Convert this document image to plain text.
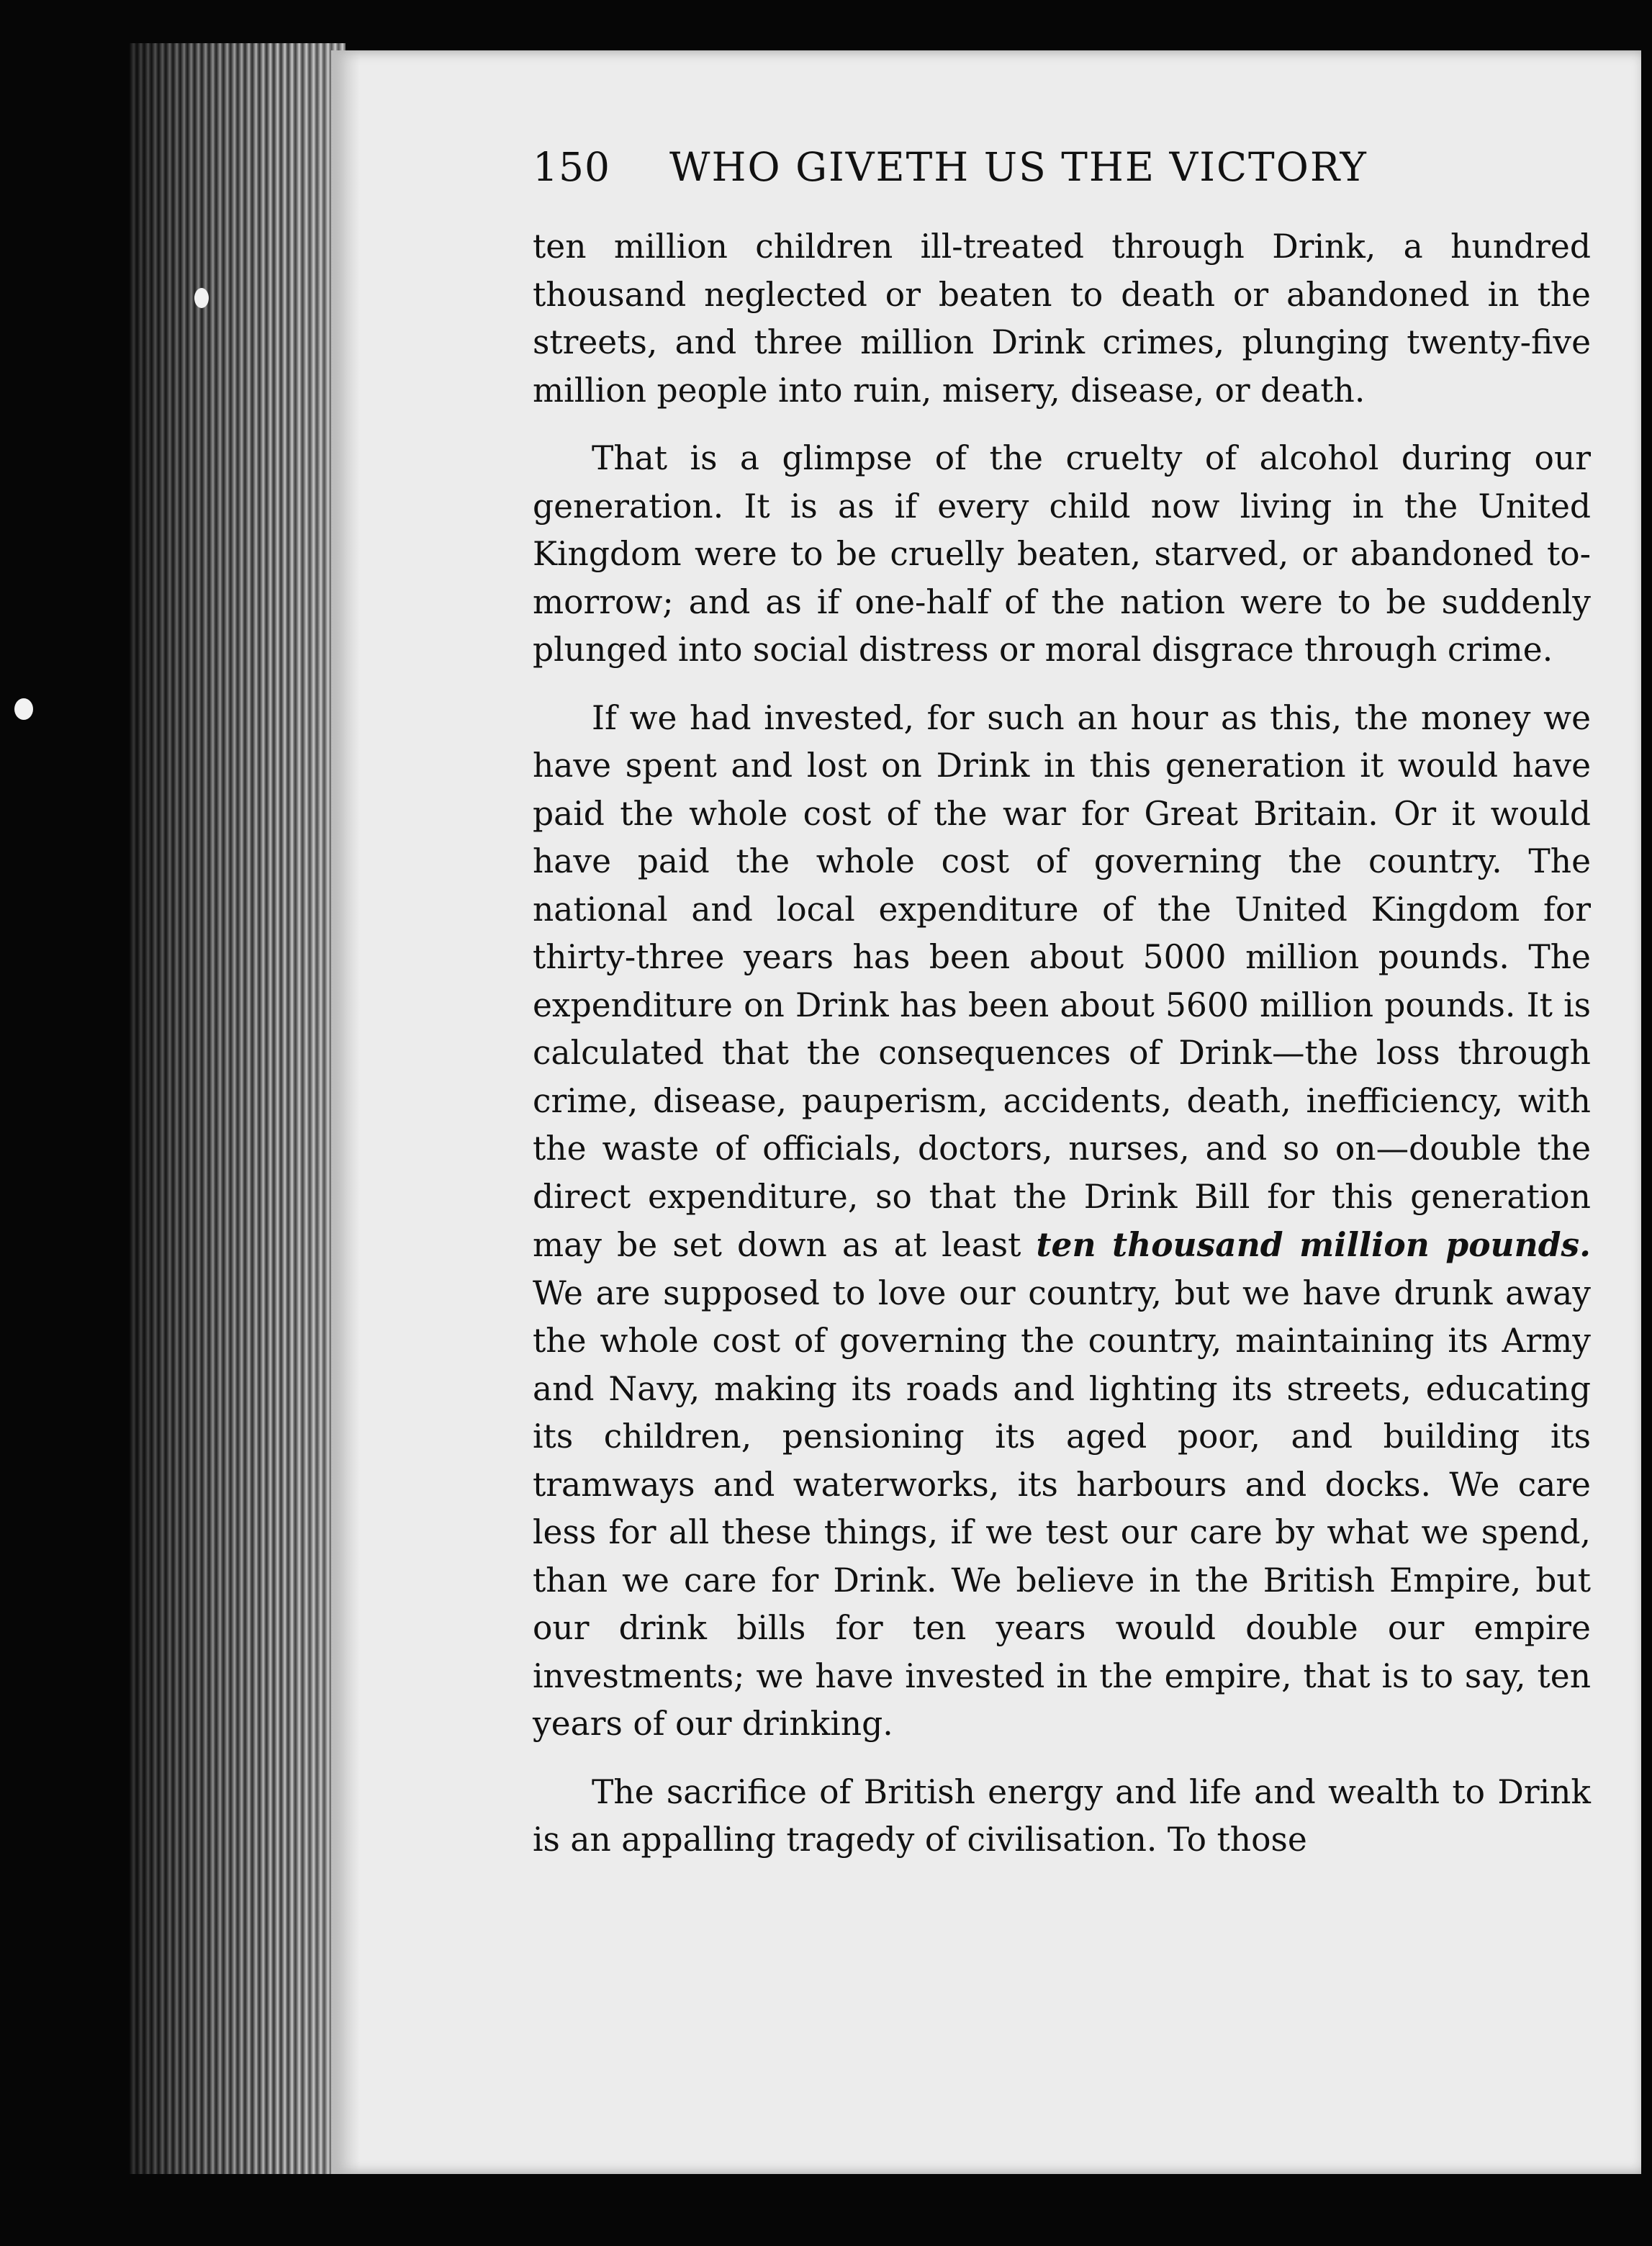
150	WHO GIVETH US THE VICTORY

ten million children ill-treated through Drink, a hundred thousand neglected or beaten to death or abandoned in the streets, and three million Drink crimes, plunging twenty-five million people into ruin, misery, disease, or death.

That is a glimpse of the cruelty of alcohol during our generation. It is as if every child now living in the United Kingdom were to be cruelly beaten, starved, or abandoned to-morrow; and as if one-half of the nation were to be suddenly plunged into social distress or moral disgrace through crime.

If we had invested, for such an hour as this, the money we have spent and lost on Drink in this generation it would have paid the whole cost of the war for Great Britain. Or it would have paid the whole cost of governing the country. The national and local expenditure of the United Kingdom for thirty-three years has been about 5000 million pounds. The expenditure on Drink has been about 5600 million pounds. It is calculated that the consequences of Drink—the loss through crime, disease, pauperism, accidents, death, inefficiency, with the waste of officials, doctors, nurses, and so on—double the direct expenditure, so that the Drink Bill for this generation may be set down as at least ten thousand million pounds. We are supposed to love our country, but we have drunk away the whole cost of governing the country, maintaining its Army and Navy, making its roads and lighting its streets, educating its children, pensioning its aged poor, and building its tramways and waterworks, its harbours and docks. We care less for all these things, if we test our care by what we spend, than we care for Drink. We believe in the British Empire, but our drink bills for ten years would double our empire investments; we have invested in the empire, that is to say, ten years of our drinking.

The sacrifice of British energy and life and wealth to Drink is an appalling tragedy of civilisation. To those
